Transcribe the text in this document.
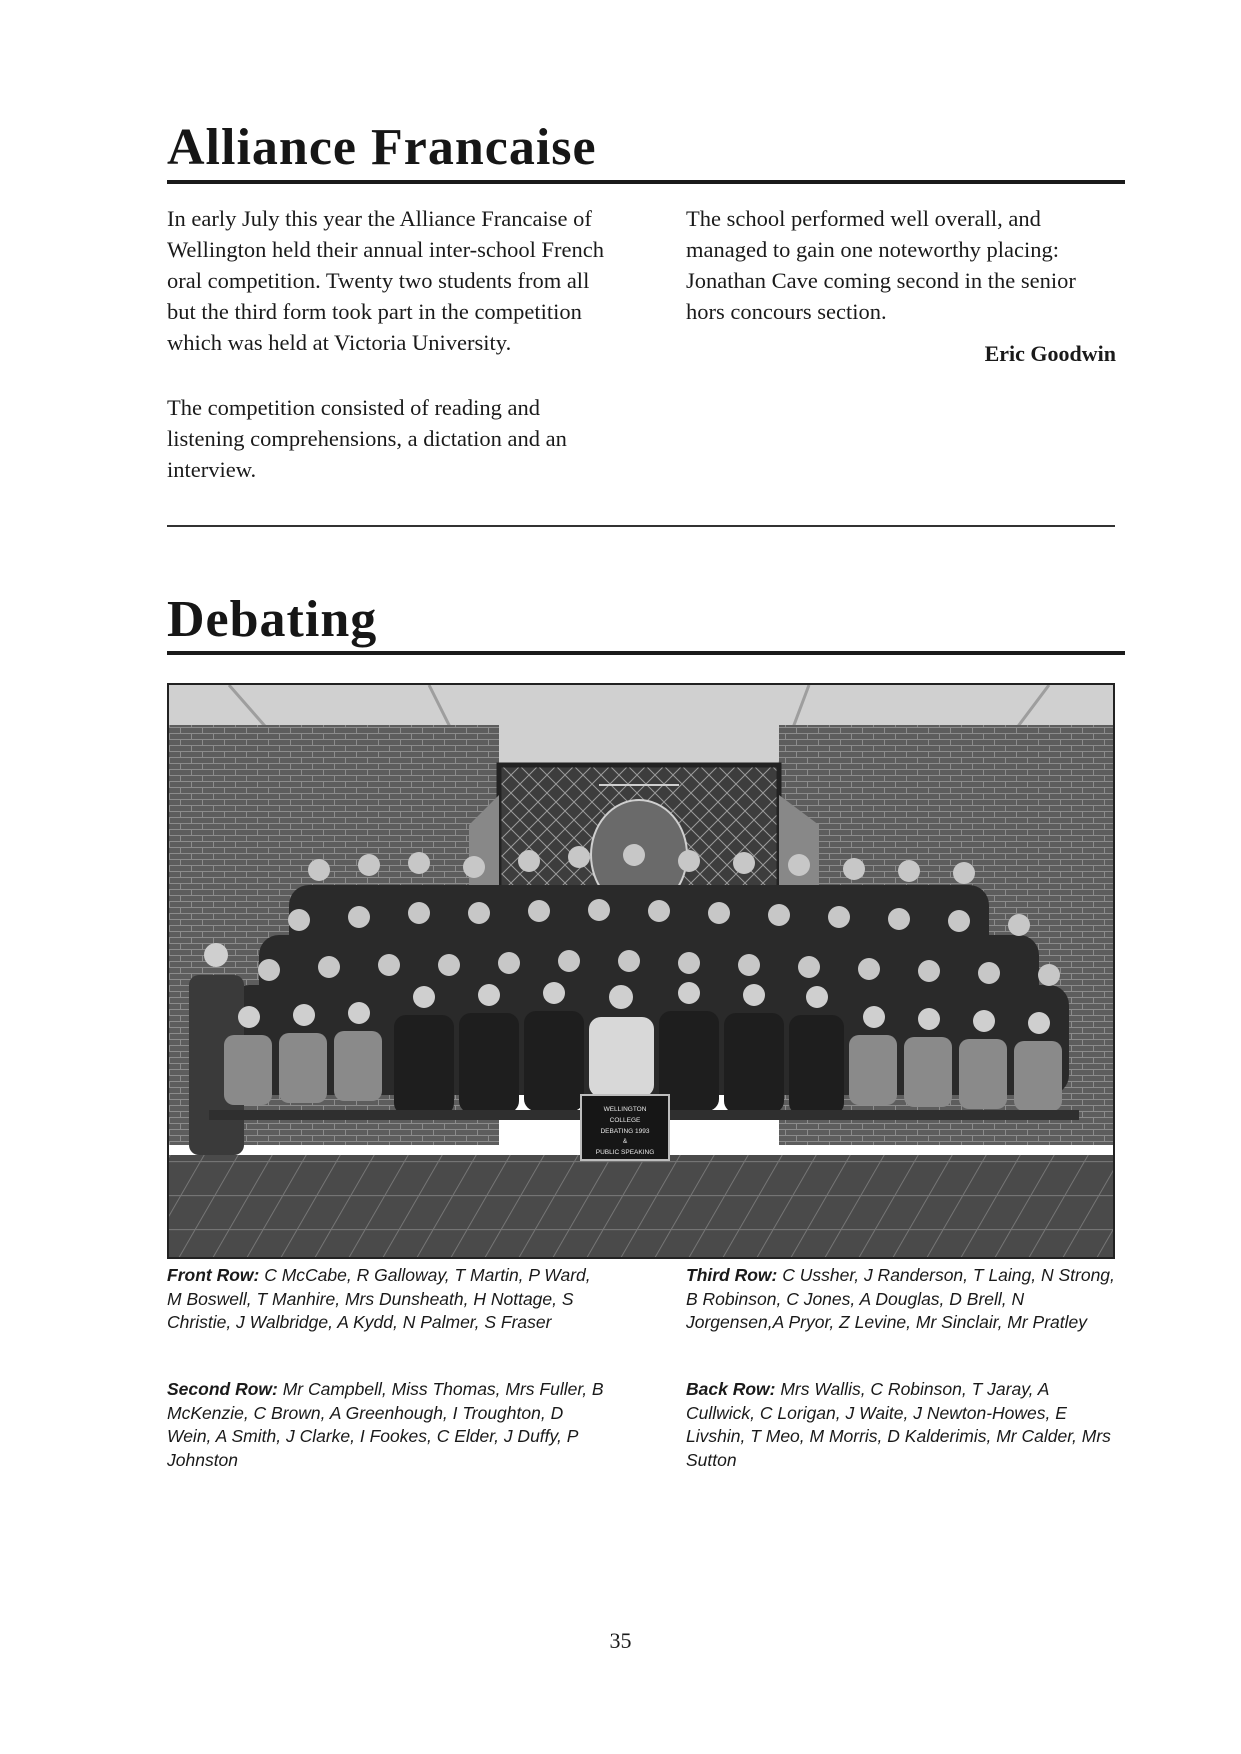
Alliance Francaise

In early July this year the Alliance Francaise of Wellington held their annual inter-school French oral competition. Twenty two students from all but the third form took part in the competition which was held at Victoria University.

The competition consisted of reading and listening comprehensions, a dictation and an interview.

The school performed well overall, and managed to gain one noteworthy placing: Jonathan Cave coming second in the senior hors concours section.

Eric Goodwin
Debating
WELLINGTON
COLLEGE
DEBATING 1993
&
PUBLIC SPEAKING

Front Row: C McCabe, R Galloway, T Martin, P Ward, M Boswell, T Manhire, Mrs Dunsheath, H Nottage, S Christie, J Walbridge, A Kydd, N Palmer, S Fraser

Second Row: Mr Campbell, Miss Thomas, Mrs Fuller, B McKenzie, C Brown, A Greenhough, I Troughton, D Wein, A Smith, J Clarke, I Fookes, C Elder, J Duffy, P Johnston

Third Row: C Ussher, J Randerson, T Laing, N Strong, B Robinson, C Jones, A Douglas, D Brell, N Jorgensen,A Pryor, Z Levine, Mr Sinclair, Mr Pratley

Back Row: Mrs Wallis, C Robinson, T Jaray, A Cullwick, C Lorigan, J Waite, J Newton-Howes, E Livshin, T Meo, M Morris, D Kalderimis, Mr Calder, Mrs Sutton

35
